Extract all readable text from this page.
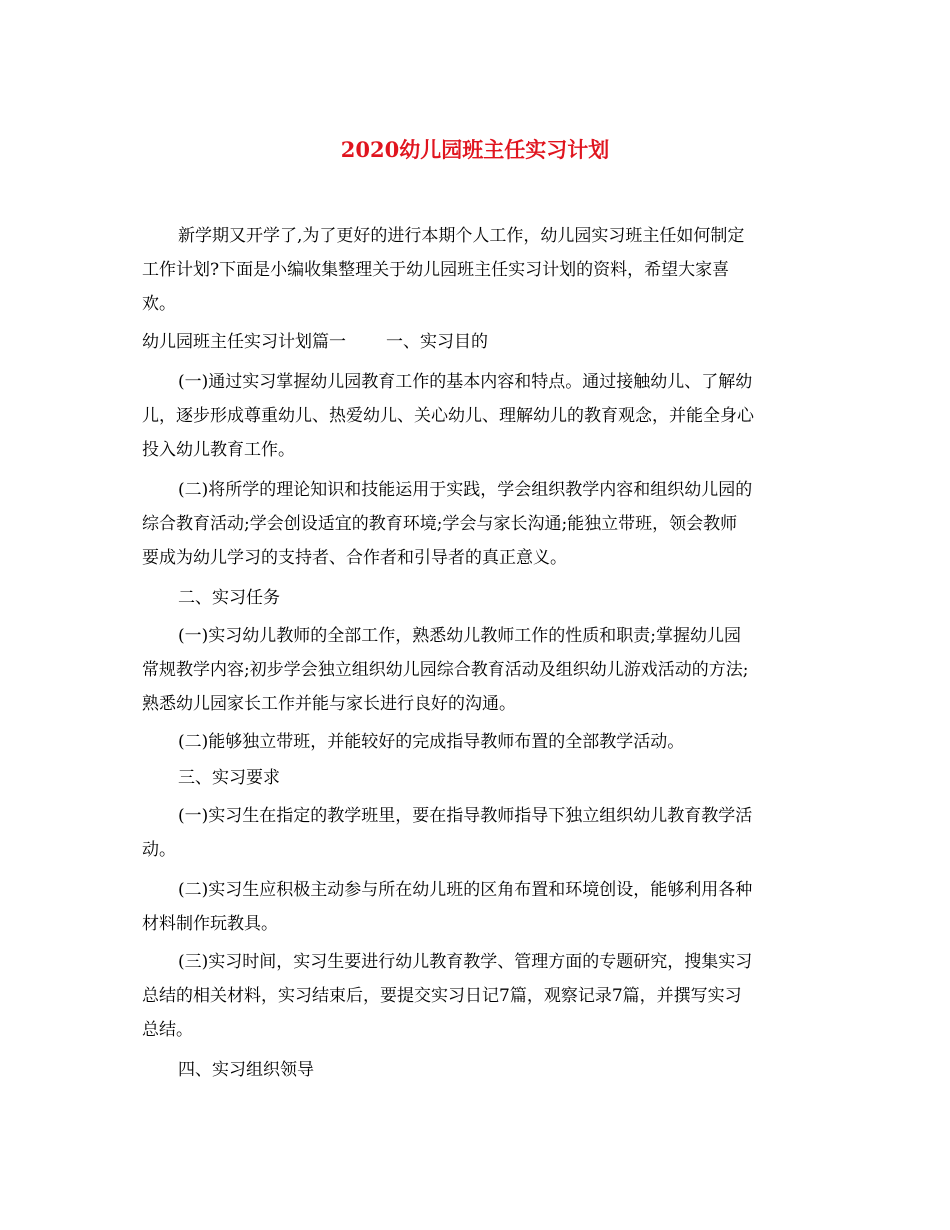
2020幼儿园班主任实习计划
新学期又开学了,为了更好的进行本期个人工作，幼儿园实习班主任如何制定
工作计划?下面是小编收集整理关于幼儿园班主任实习计划的资料，希望大家喜
欢。
幼儿园班主任实习计划篇一 一、实习目的
(一)通过实习掌握幼儿园教育工作的基本内容和特点。通过接触幼儿、了解幼
儿，逐步形成尊重幼儿、热爱幼儿、关心幼儿、理解幼儿的教育观念，并能全身心
投入幼儿教育工作。
(二)将所学的理论知识和技能运用于实践，学会组织教学内容和组织幼儿园的
综合教育活动;学会创设适宜的教育环境;学会与家长沟通;能独立带班，领会教师
要成为幼儿学习的支持者、合作者和引导者的真正意义。
二、实习任务
(一)实习幼儿教师的全部工作，熟悉幼儿教师工作的性质和职责;掌握幼儿园
常规教学内容;初步学会独立组织幼儿园综合教育活动及组织幼儿游戏活动的方法;
熟悉幼儿园家长工作并能与家长进行良好的沟通。
(二)能够独立带班，并能较好的完成指导教师布置的全部教学活动。
三、实习要求
(一)实习生在指定的教学班里，要在指导教师指导下独立组织幼儿教育教学活
动。
(二)实习生应积极主动参与所在幼儿班的区角布置和环境创设，能够利用各种
材料制作玩教具。
(三)实习时间，实习生要进行幼儿教育教学、管理方面的专题研究，搜集实习
总结的相关材料，实习结束后，要提交实习日记7篇，观察记录7篇，并撰写实习
总结。
四、实习组织领导
